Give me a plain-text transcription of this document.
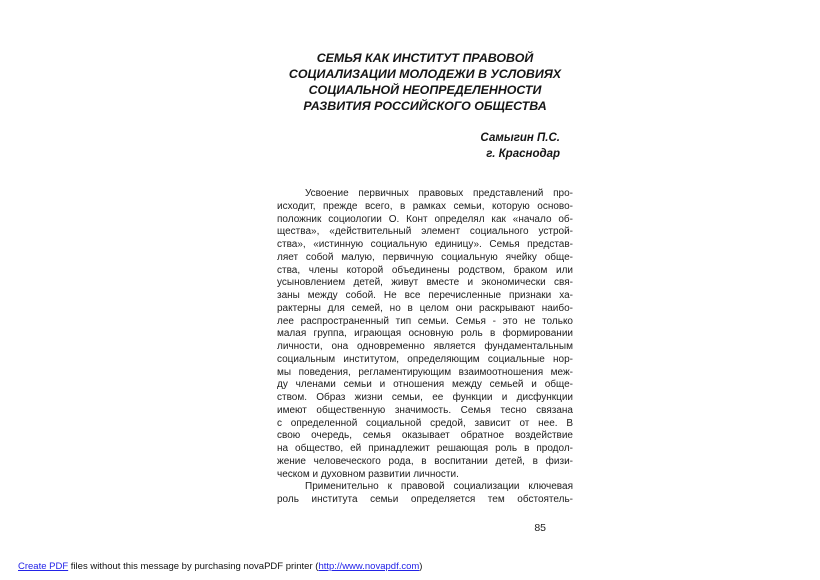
СЕМЬЯ КАК ИНСТИТУТ ПРАВОВОЙ
СОЦИАЛИЗАЦИИ МОЛОДЕЖИ В УСЛОВИЯХ
СОЦИАЛЬНОЙ НЕОПРЕДЕЛЕННОСТИ
РАЗВИТИЯ РОССИЙСКОГО ОБЩЕСТВА
Самыгин П.С.
г. Краснодар
Усвоение первичных правовых представлений про-
исходит, прежде всего, в рамках семьи, которую осново-
положник социологии О. Конт определял как «начало об-
щества», «действительный элемент социального устрой-
ства», «истинную социальную единицу». Семья представ-
ляет собой малую, первичную социальную ячейку обще-
ства, члены которой объединены родством, браком или
усыновлением детей, живут вместе и экономически свя-
заны между собой. Не все перечисленные признаки ха-
рактерны для семей, но в целом они раскрывают наибо-
лее распространенный тип семьи. Семья - это не только
малая группа, играющая основную роль в формировании
личности, она одновременно является фундаментальным
социальным институтом, определяющим социальные нор-
мы поведения, регламентирующим взаимоотношения меж-
ду членами семьи и отношения между семьей и обще-
ством. Образ жизни семьи, ее функции и дисфункции
имеют общественную значимость. Семья тесно связана
с определенной социальной средой, зависит от нее. В
свою очередь, семья оказывает обратное воздействие
на общество, ей принадлежит решающая роль в продол-
жение человеческого рода, в воспитании детей, в физи-
ческом и духовном развитии личности.
Применительно к правовой социализации ключевая
роль института семьи определяется тем обстоятель-
85
Create PDF files without this message by purchasing novaPDF printer (http://www.novapdf.com)
